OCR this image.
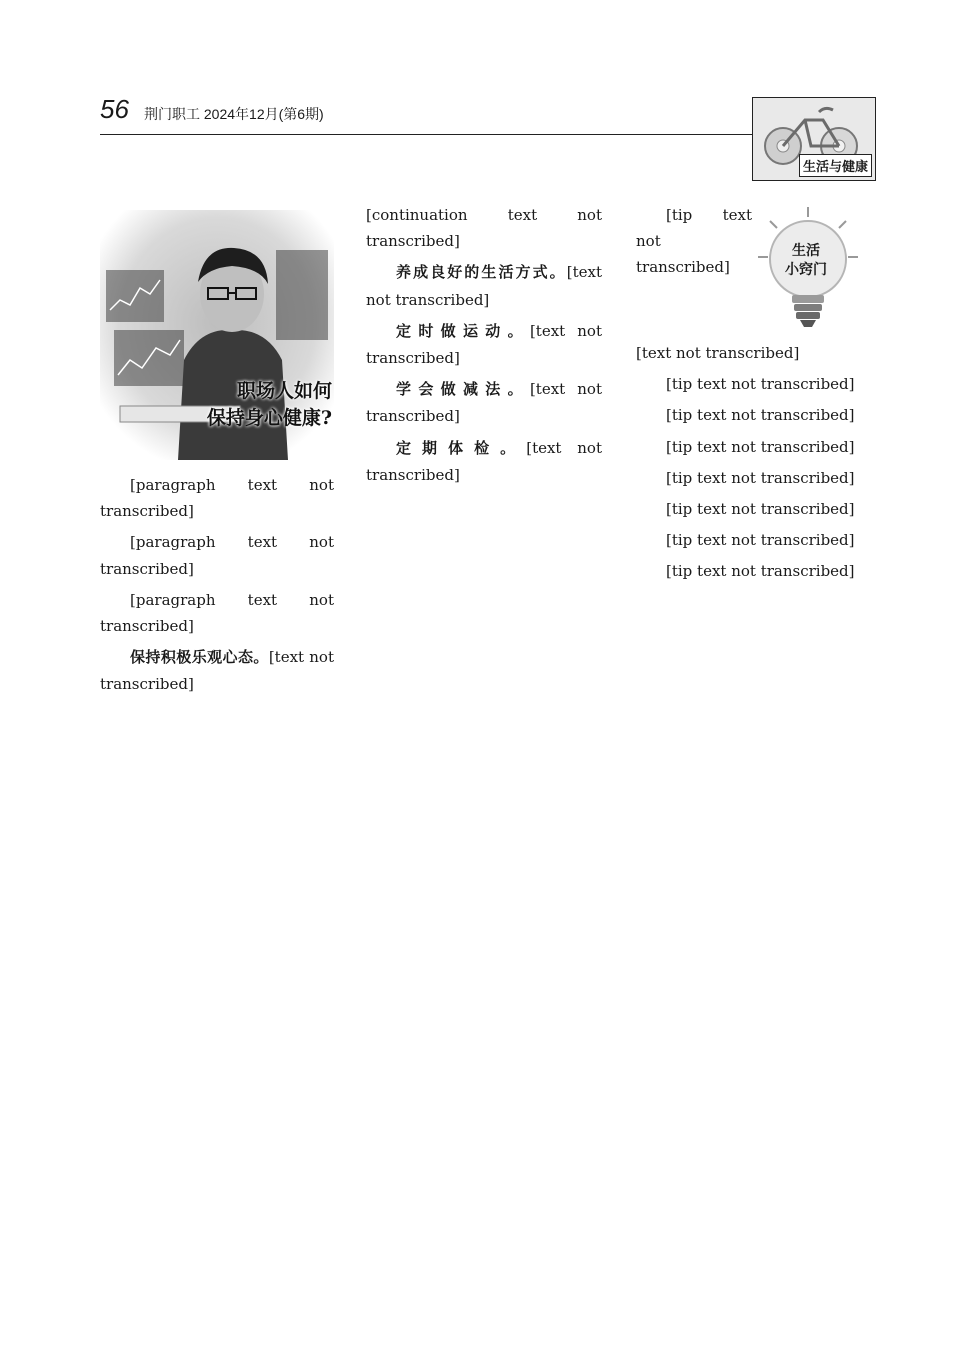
56 荆门职工 2024年12月(第6期)
生活与健康
职场人如何
保持身心健康?

[paragraph text not transcribed]

[paragraph text not transcribed]

[paragraph text not transcribed]

保持积极乐观心态。[text not transcribed]

[continuation text not transcribed]

养成良好的生活方式。[text not transcribed]

定时做运动。[text not transcribed]

学会做减法。[text not transcribed]

定期体检。[text not transcribed]

生活
小窍门

[tip text not transcribed]

[text not transcribed]

[tip text not transcribed]

[tip text not transcribed]

[tip text not transcribed]

[tip text not transcribed]

[tip text not transcribed]

[tip text not transcribed]

[tip text not transcribed]
